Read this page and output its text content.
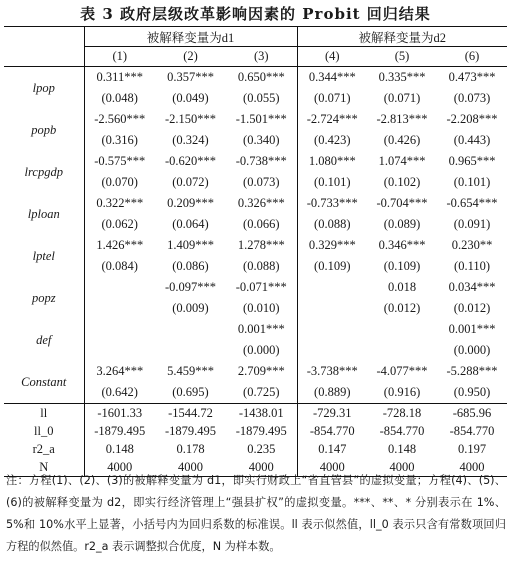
表 3 政府层级改革影响因素的 Probit 回归结果
	被解释变量为d1			被解释变量为d2		
	(1)	(2)	(3)	(4)	(5)	(6)
lpop	0.311***	0.357***	0.650***	0.344***	0.335***	0.473***
	(0.048)	(0.049)	(0.055)	(0.071)	(0.071)	(0.073)
popb	-2.560***	-2.150***	-1.501***	-2.724***	-2.813***	-2.208***
	(0.316)	(0.324)	(0.340)	(0.423)	(0.426)	(0.443)
lrcpgdp	-0.575***	-0.620***	-0.738***	1.080***	1.074***	0.965***
	(0.070)	(0.072)	(0.073)	(0.101)	(0.102)	(0.101)
lploan	0.322***	0.209***	0.326***	-0.733***	-0.704***	-0.654***
	(0.062)	(0.064)	(0.066)	(0.088)	(0.089)	(0.091)
lptel	1.426***	1.409***	1.278***	0.329***	0.346***	0.230**
	(0.084)	(0.086)	(0.088)	(0.109)	(0.109)	(0.110)
popz		-0.097***	-0.071***		0.018	0.034***
		(0.009)	(0.010)		(0.012)	(0.012)
def			0.001***			0.001***
			(0.000)			(0.000)
Constant	3.264***	5.459***	2.709***	-3.738***	-4.077***	-5.288***
	(0.642)	(0.695)	(0.725)	(0.889)	(0.916)	(0.950)
ll	-1601.33	-1544.72	-1438.01	-729.31	-728.18	-685.96
ll_0	-1879.495	-1879.495	-1879.495	-854.770	-854.770	-854.770
r2_a	0.148	0.178	0.235	0.147	0.148	0.197
N	4000	4000	4000	4000	4000	4000
注：方程(1)、(2)、(3)的被解释变量为 d1，即实行财政上“省直管县”的虚拟变量；方程(4)、(5)、(6)的被解释变量为 d2，即实行经济管理上“强县扩权”的虚拟变量。***、**、* 分别表示在 1%、5%和 10%水平上显著，小括号内为回归系数的标准误。ll 表示似然值，ll_0 表示只含有常数项回归方程的似然值。r2_a 表示调整拟合优度，N 为样本数。
